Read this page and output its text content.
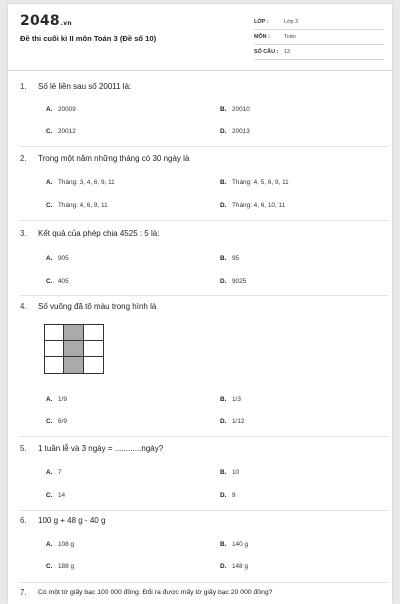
2048.vn
Đề thi cuối kì II môn Toán 3 (Đề số 10)
LỚP :	Lớp 3
MÔN :	Toán
SỐ CÂU : 13
1. Số lẻ liền sau số 20011 là:
A. 20009	B. 20010
C. 20012	D. 20013
2. Trong một năm những tháng có 30 ngày là
A. Tháng: 3, 4, 6, 9, 11	B. Tháng: 4, 5, 6, 9, 11
C. Tháng: 4, 6, 9, 11	D. Tháng: 4, 6, 10, 11
3. Kết quả của phép chia 4525 : 5 là:
A. 905	B. 95
C. 405	D. 9025
4. Số vuông đã tô màu trong hình là
A. 1/9	B. 1/3
C. 6/9	D. 1/12
5. 1 tuần lễ và 3 ngày = ............ngày?
A. 7	B. 10
C. 14	D. 9
6. 100 g + 48 g - 40 g
A. 108 g	B. 140 g
C. 188 g	D. 148 g
7. Có một tờ giấy bạc 100 000 đồng. Đổi ra được mấy tờ giấy bạc 20 000 đồng?
